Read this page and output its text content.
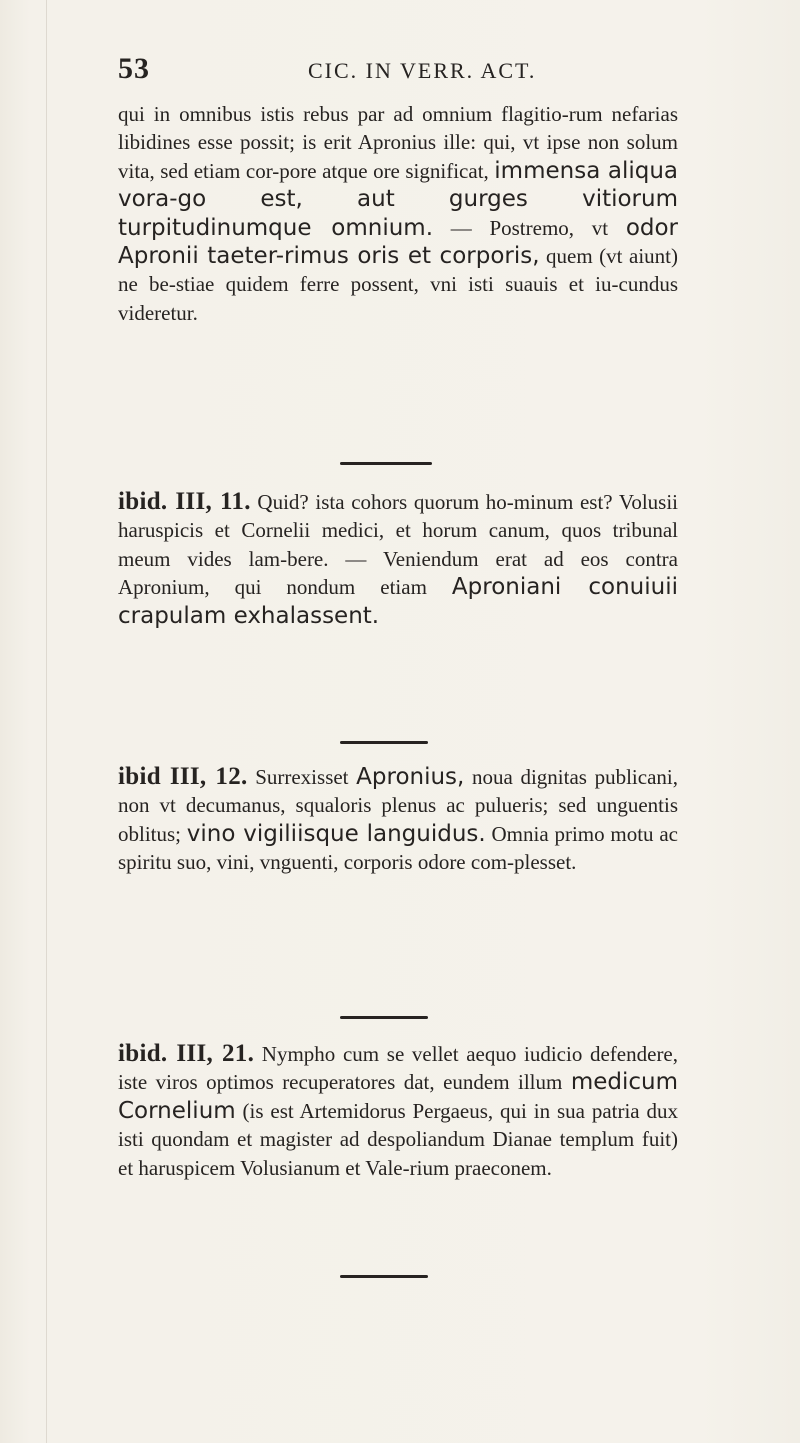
53	CIC. IN VERR. ACT.

qui in omnibus istis rebus par ad omnium flagitio-rum nefarias libidines esse possit; is erit Apronius ille: qui, vt ipse non solum vita, sed etiam cor-pore atque ore significat, immensa aliqua vora-go est, aut gurges vitiorum turpitudinumque omnium. — Postremo, vt odor Apronii taeter-rimus oris et corporis, quem (vt aiunt) ne be-stiae quidem ferre possent, vni isti suauis et iu-cundus videretur.

ibid. III, 11. Quid? ista cohors quorum ho-minum est? Volusii haruspicis et Cornelii medici, et horum canum, quos tribunal meum vides lam-bere. — Veniendum erat ad eos contra Apronium, qui nondum etiam Aproniani conuiuii crapulam exhalassent.

ibid III, 12. Surrexisset Apronius, noua dignitas publicani, non vt decumanus, squaloris plenus ac pulueris; sed unguentis oblitus; vino vigiliisque languidus. Omnia primo motu ac spiritu suo, vini, vnguenti, corporis odore com-plesset.

ibid. III, 21. Nympho cum se vellet aequo iudicio defendere, iste viros optimos recuperatores dat, eundem illum medicum Cornelium (is est Artemidorus Pergaeus, qui in sua patria dux isti quondam et magister ad despoliandum Dianae templum fuit) et haruspicem Volusianum et Vale-rium praeconem.
